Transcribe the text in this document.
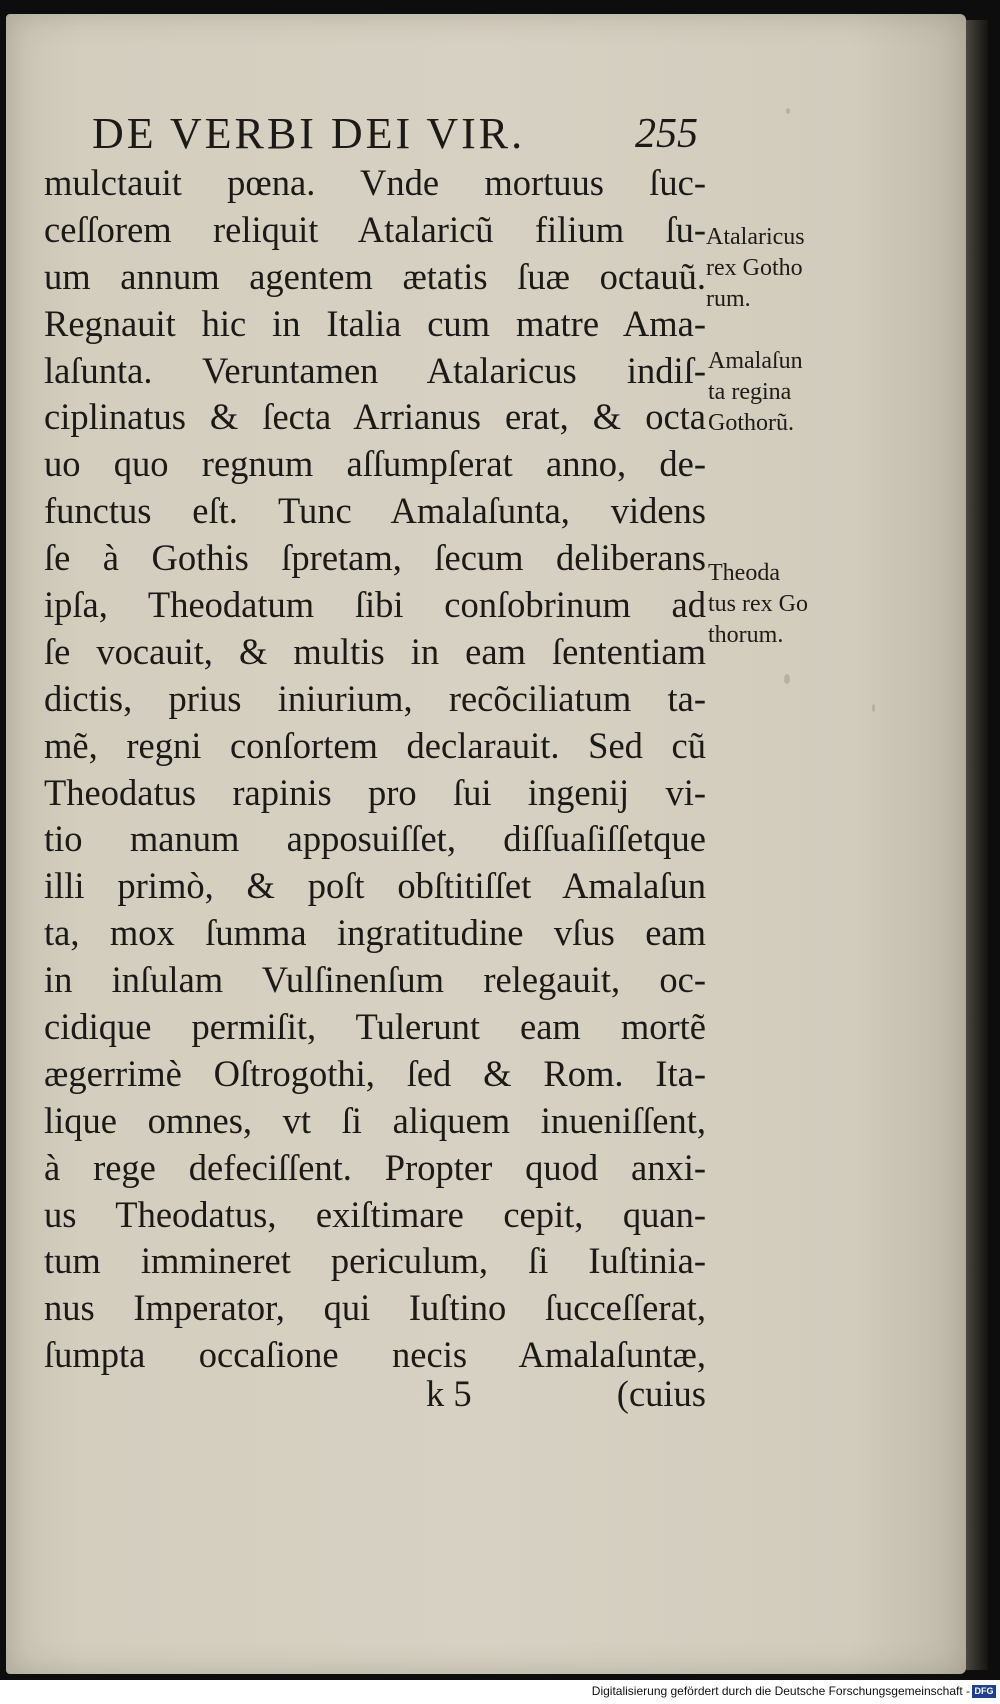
DE VERBI DEI VIR.	255
mulctauit pœna. Vnde mortuus ſuc-
ceſſorem reliquit Atalaricũ filium ſu-
um annum agentem ætatis ſuæ octauũ.
Regnauit hic in Italia cum matre Ama-
laſunta. Veruntamen Atalaricus indiſ-
ciplinatus & ſecta Arrianus erat, & octa
uo quo regnum aſſumpſerat anno, de-
functus eſt. Tunc Amalaſunta, videns
ſe à Gothis ſpretam, ſecum deliberans
ipſa, Theodatum ſibi conſobrinum ad
ſe vocauit, & multis in eam ſententiam
dictis, prius iniurium, recõciliatum ta-
mẽ, regni conſortem declarauit. Sed cũ
Theodatus rapinis pro ſui ingenij vi-
tio manum apposuiſſet, diſſuaſiſſetque
illi primò, & poſt obſtitiſſet Amalaſun
ta, mox ſumma ingratitudine vſus eam
in inſulam Vulſinenſum relegauit, oc-
cidique permiſit, Tulerunt eam mortẽ
ægerrimè Oſtrogothi, ſed & Rom. Ita-
lique omnes, vt ſi aliquem inueniſſent,
à rege defeciſſent. Propter quod anxi-
us Theodatus, exiſtimare cepit, quan-
tum immineret periculum, ſi Iuſtinia-
nus Imperator, qui Iuſtino ſucceſſerat,
ſumpta occaſione necis Amalaſuntæ,
Atalaricus
rex Gotho
rum.
Amalaſun
ta regina
Gothorũ.
Theoda
tus rex Go
thorum.
k 5	(cuius
Digitalisierung gefördert durch die Deutsche Forschungsgemeinschaft - DFG
